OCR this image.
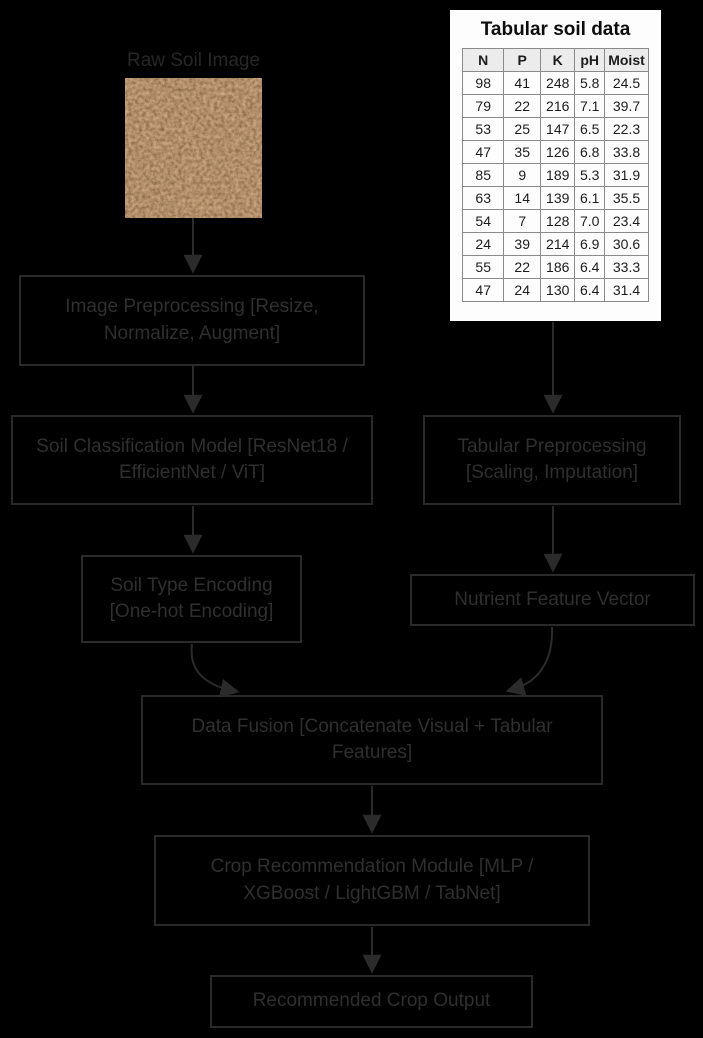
Raw Soil Image
Tabular soil data
N	P	K	pH	Moist
98	41	248	5.8	24.5
79	22	216	7.1	39.7
53	25	147	6.5	22.3
47	35	126	6.8	33.8
85	9	189	5.3	31.9
63	14	139	6.1	35.5
54	7	128	7.0	23.4
24	39	214	6.9	30.6
55	22	186	6.4	33.3
47	24	130	6.4	31.4
Image Preprocessing [Resize, Normalize, Augment]
Soil Classification Model [ResNet18 / EfficientNet / ViT]
Soil Type Encoding [One-hot Encoding]
Tabular Preprocessing [Scaling, Imputation]
Nutrient Feature Vector
Data Fusion [Concatenate Visual + Tabular Features]
Crop Recommendation Module [MLP / XGBoost / LightGBM / TabNet]
Recommended Crop Output
